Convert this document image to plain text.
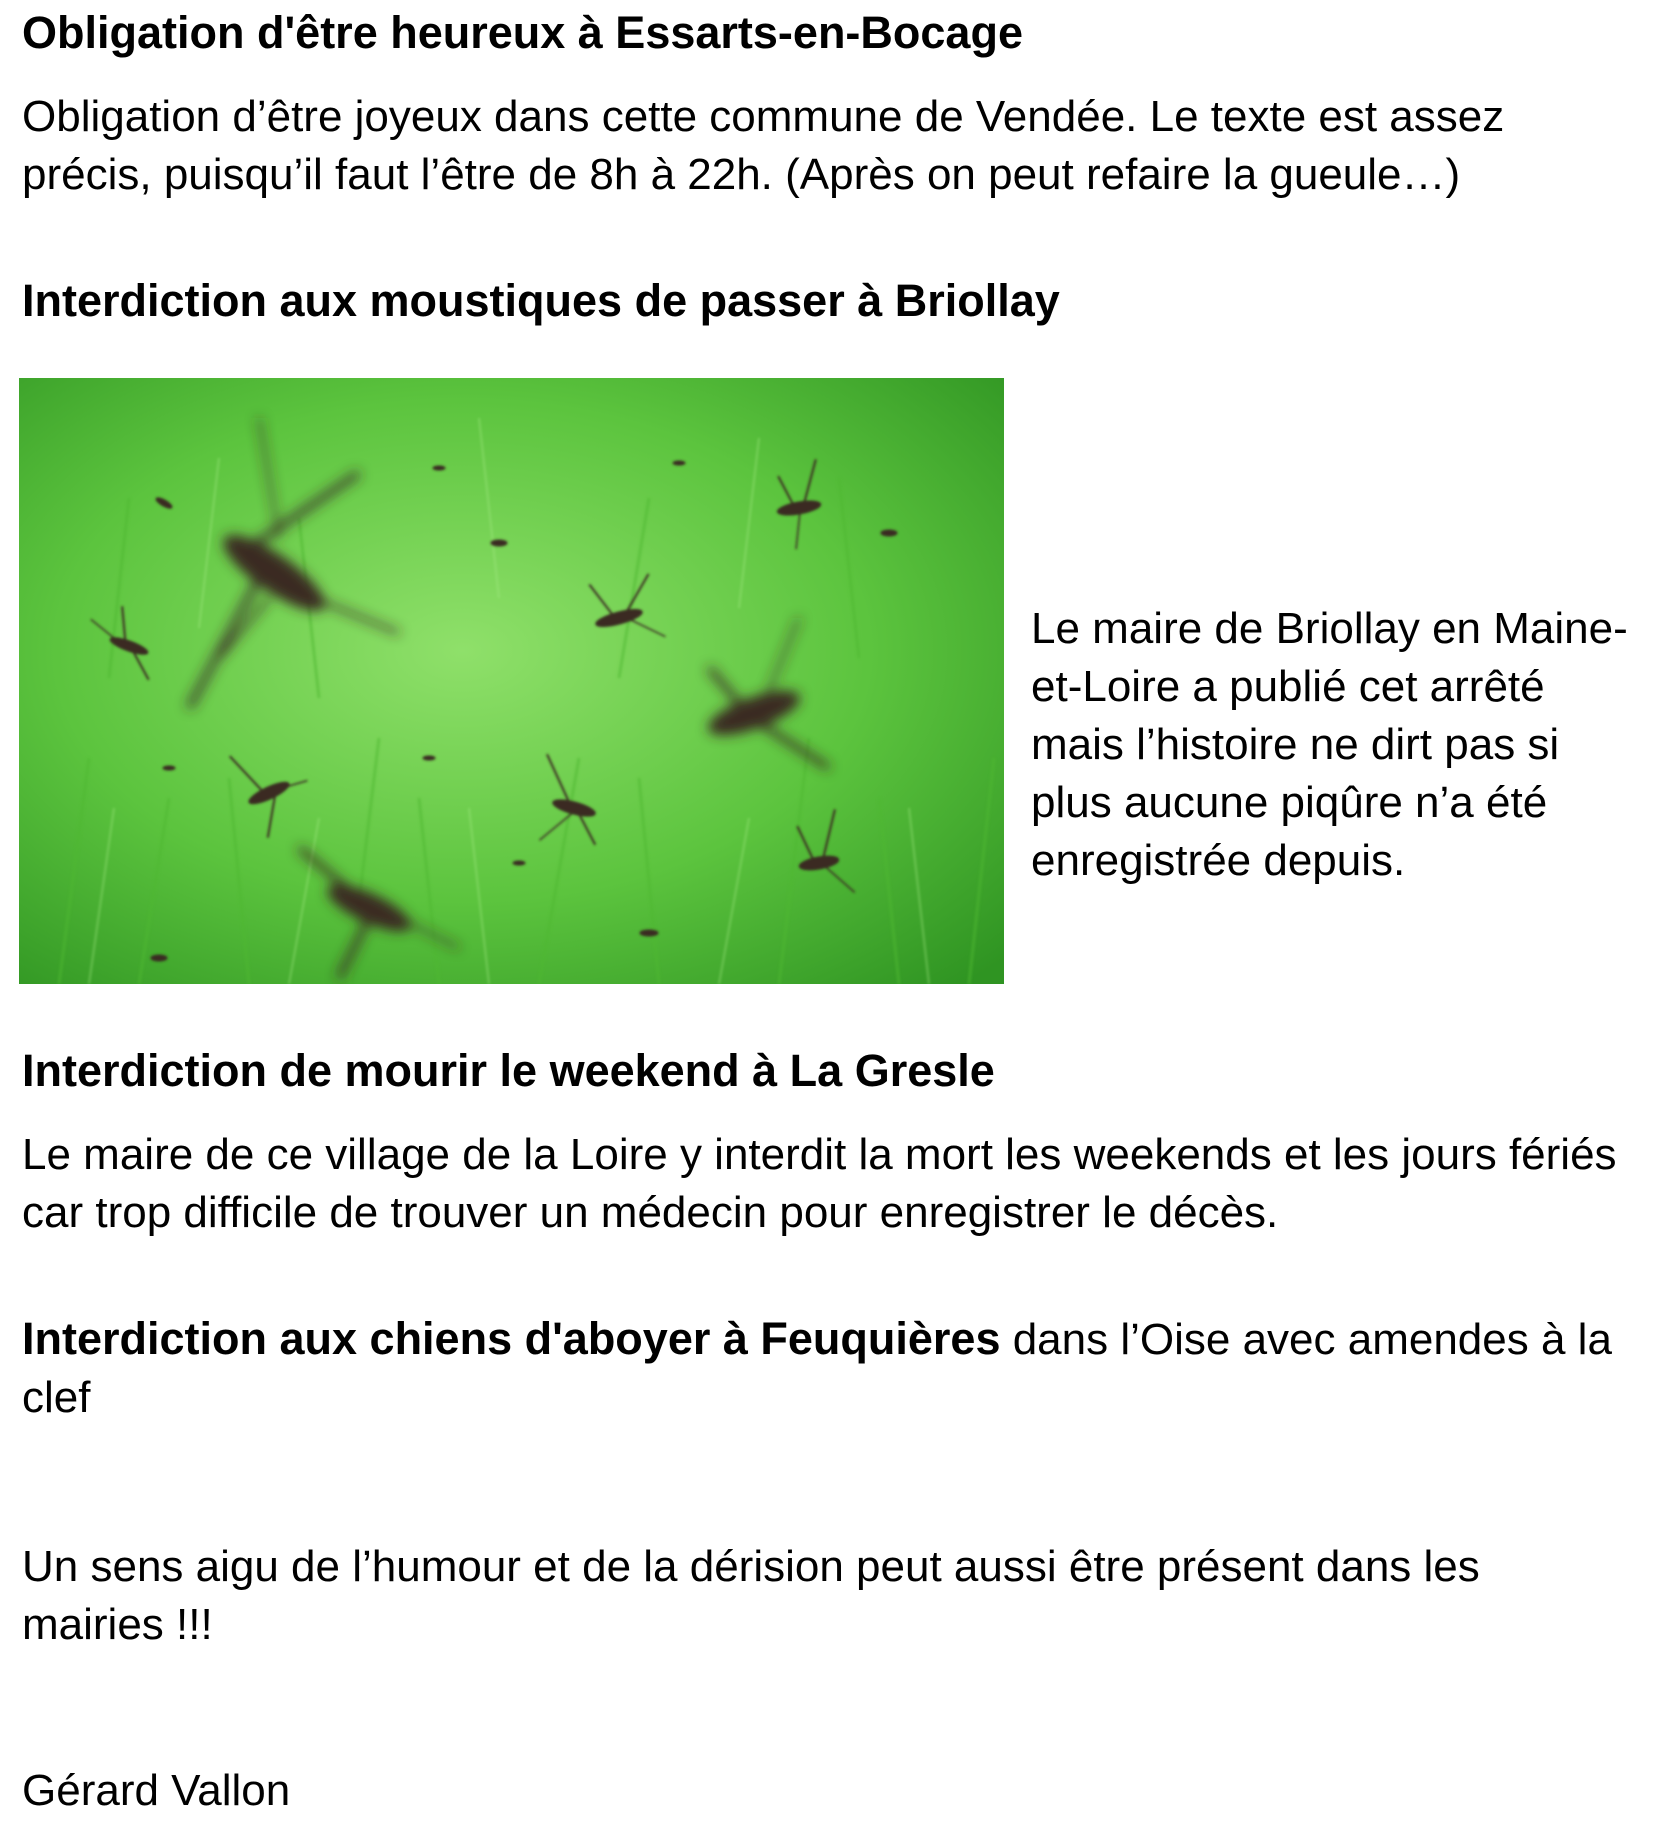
Obligation d'être heureux à Essarts-en-Bocage

Obligation d’être joyeux dans cette commune de Vendée. Le texte est assez précis, puisqu’il faut l’être de 8h à 22h. (Après on peut refaire la gueule…)

Interdiction aux moustiques de passer à Briollay

Le maire de Briollay en Maine-et-Loire a publié cet arrêté mais l’histoire ne dirt pas si plus aucune piqûre n’a été enregistrée depuis.

Interdiction de mourir le weekend à La Gresle

Le maire de ce village de la Loire y interdit la mort les weekends et les jours fériés car trop difficile de trouver un médecin pour enregistrer le décès.

Interdiction aux chiens d'aboyer à Feuquières dans l’Oise avec amendes à la clef

Un sens aigu de l’humour et de la dérision peut aussi être présent dans les mairies !!!

Gérard Vallon
